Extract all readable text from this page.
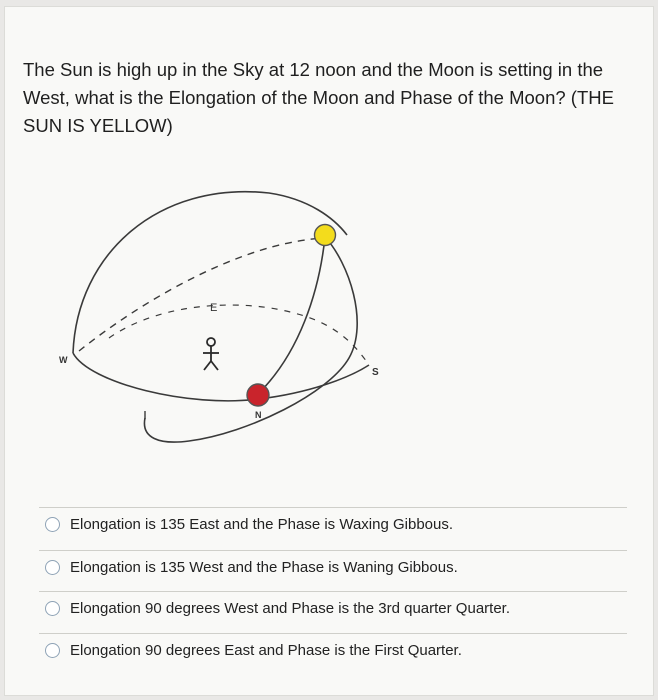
The Sun is high up in the Sky at 12 noon and the Moon is setting in the West, what is the Elongation of the Moon and Phase of the Moon? (THE SUN IS YELLOW)

E
W
N
S
Elongation is 135 East and the Phase is Waxing Gibbous.
Elongation is 135 West and the Phase is Waning Gibbous.
Elongation 90 degrees West and Phase is the 3rd quarter Quarter.
Elongation 90 degrees East and Phase is the First Quarter.
